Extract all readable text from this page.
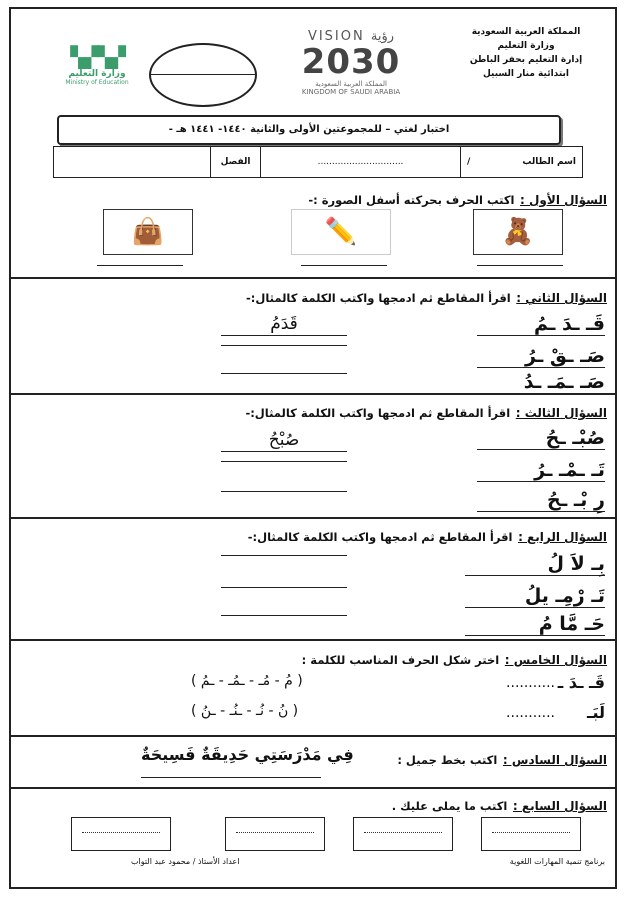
المملكة العربية السعودية
وزارة التعليم
إدارة التعليم بحفر الباطن
ابتدائية منار السبيل
VISION رؤية
2030
المملكة العربية السعودية
KINGDOM OF SAUDI ARABIA
▚▞▚▞
وزارة التعليم
Ministry of Education
اختبار لغتي – للمجموعتين الأولى والثانية ١٤٤٠- ١٤٤١ هـ -
اسم الطالب
/
..............................
الفصل
السؤال الأول : اكتب الحرف بحركته أسفل الصورة :-
🧸
✏️
👜
السؤال الثاني : اقرأ المقاطع ثم ادمجها واكتب الكلمة كالمثال:-
قَـ ـدَ ـمُ
قَدَمُ
صَـ ـقْ ـرُ
صَـ ـمَـ ـدُ
السؤال الثالث : اقرأ المقاطع ثم ادمجها واكتب الكلمة كالمثال:-
صُبْـ ـحُ
صُبْحُ
تَـ ـمْـ ـرُ
رِ بْـ ـحُ
السؤال الرابع : اقرأ المقاطع ثم ادمجها واكتب الكلمة كالمثال:-
بِـ لاَ لُ
تَـ رْمِـ يلُ
حَـ مَّا مُ
السؤال الخامس : اختر شكل الحرف المناسب للكلمة :
قَـ ـدَ ـ
...........
( مُ - مُـ - ـمُـ - ـمُ )
لَبَـ
...........
( نُ - نُـ - ـنُـ - ـنُ )
السؤال السادس : اكتب بخط جميل :
فِي مَدْرَسَتِي حَدِيقَةٌ فَسِيحَةٌ
السؤال السابع : اكتب ما يملى عليك .
برنامج تنمية المهارات اللغوية
اعداد الأستاذ / محمود عبد التواب
